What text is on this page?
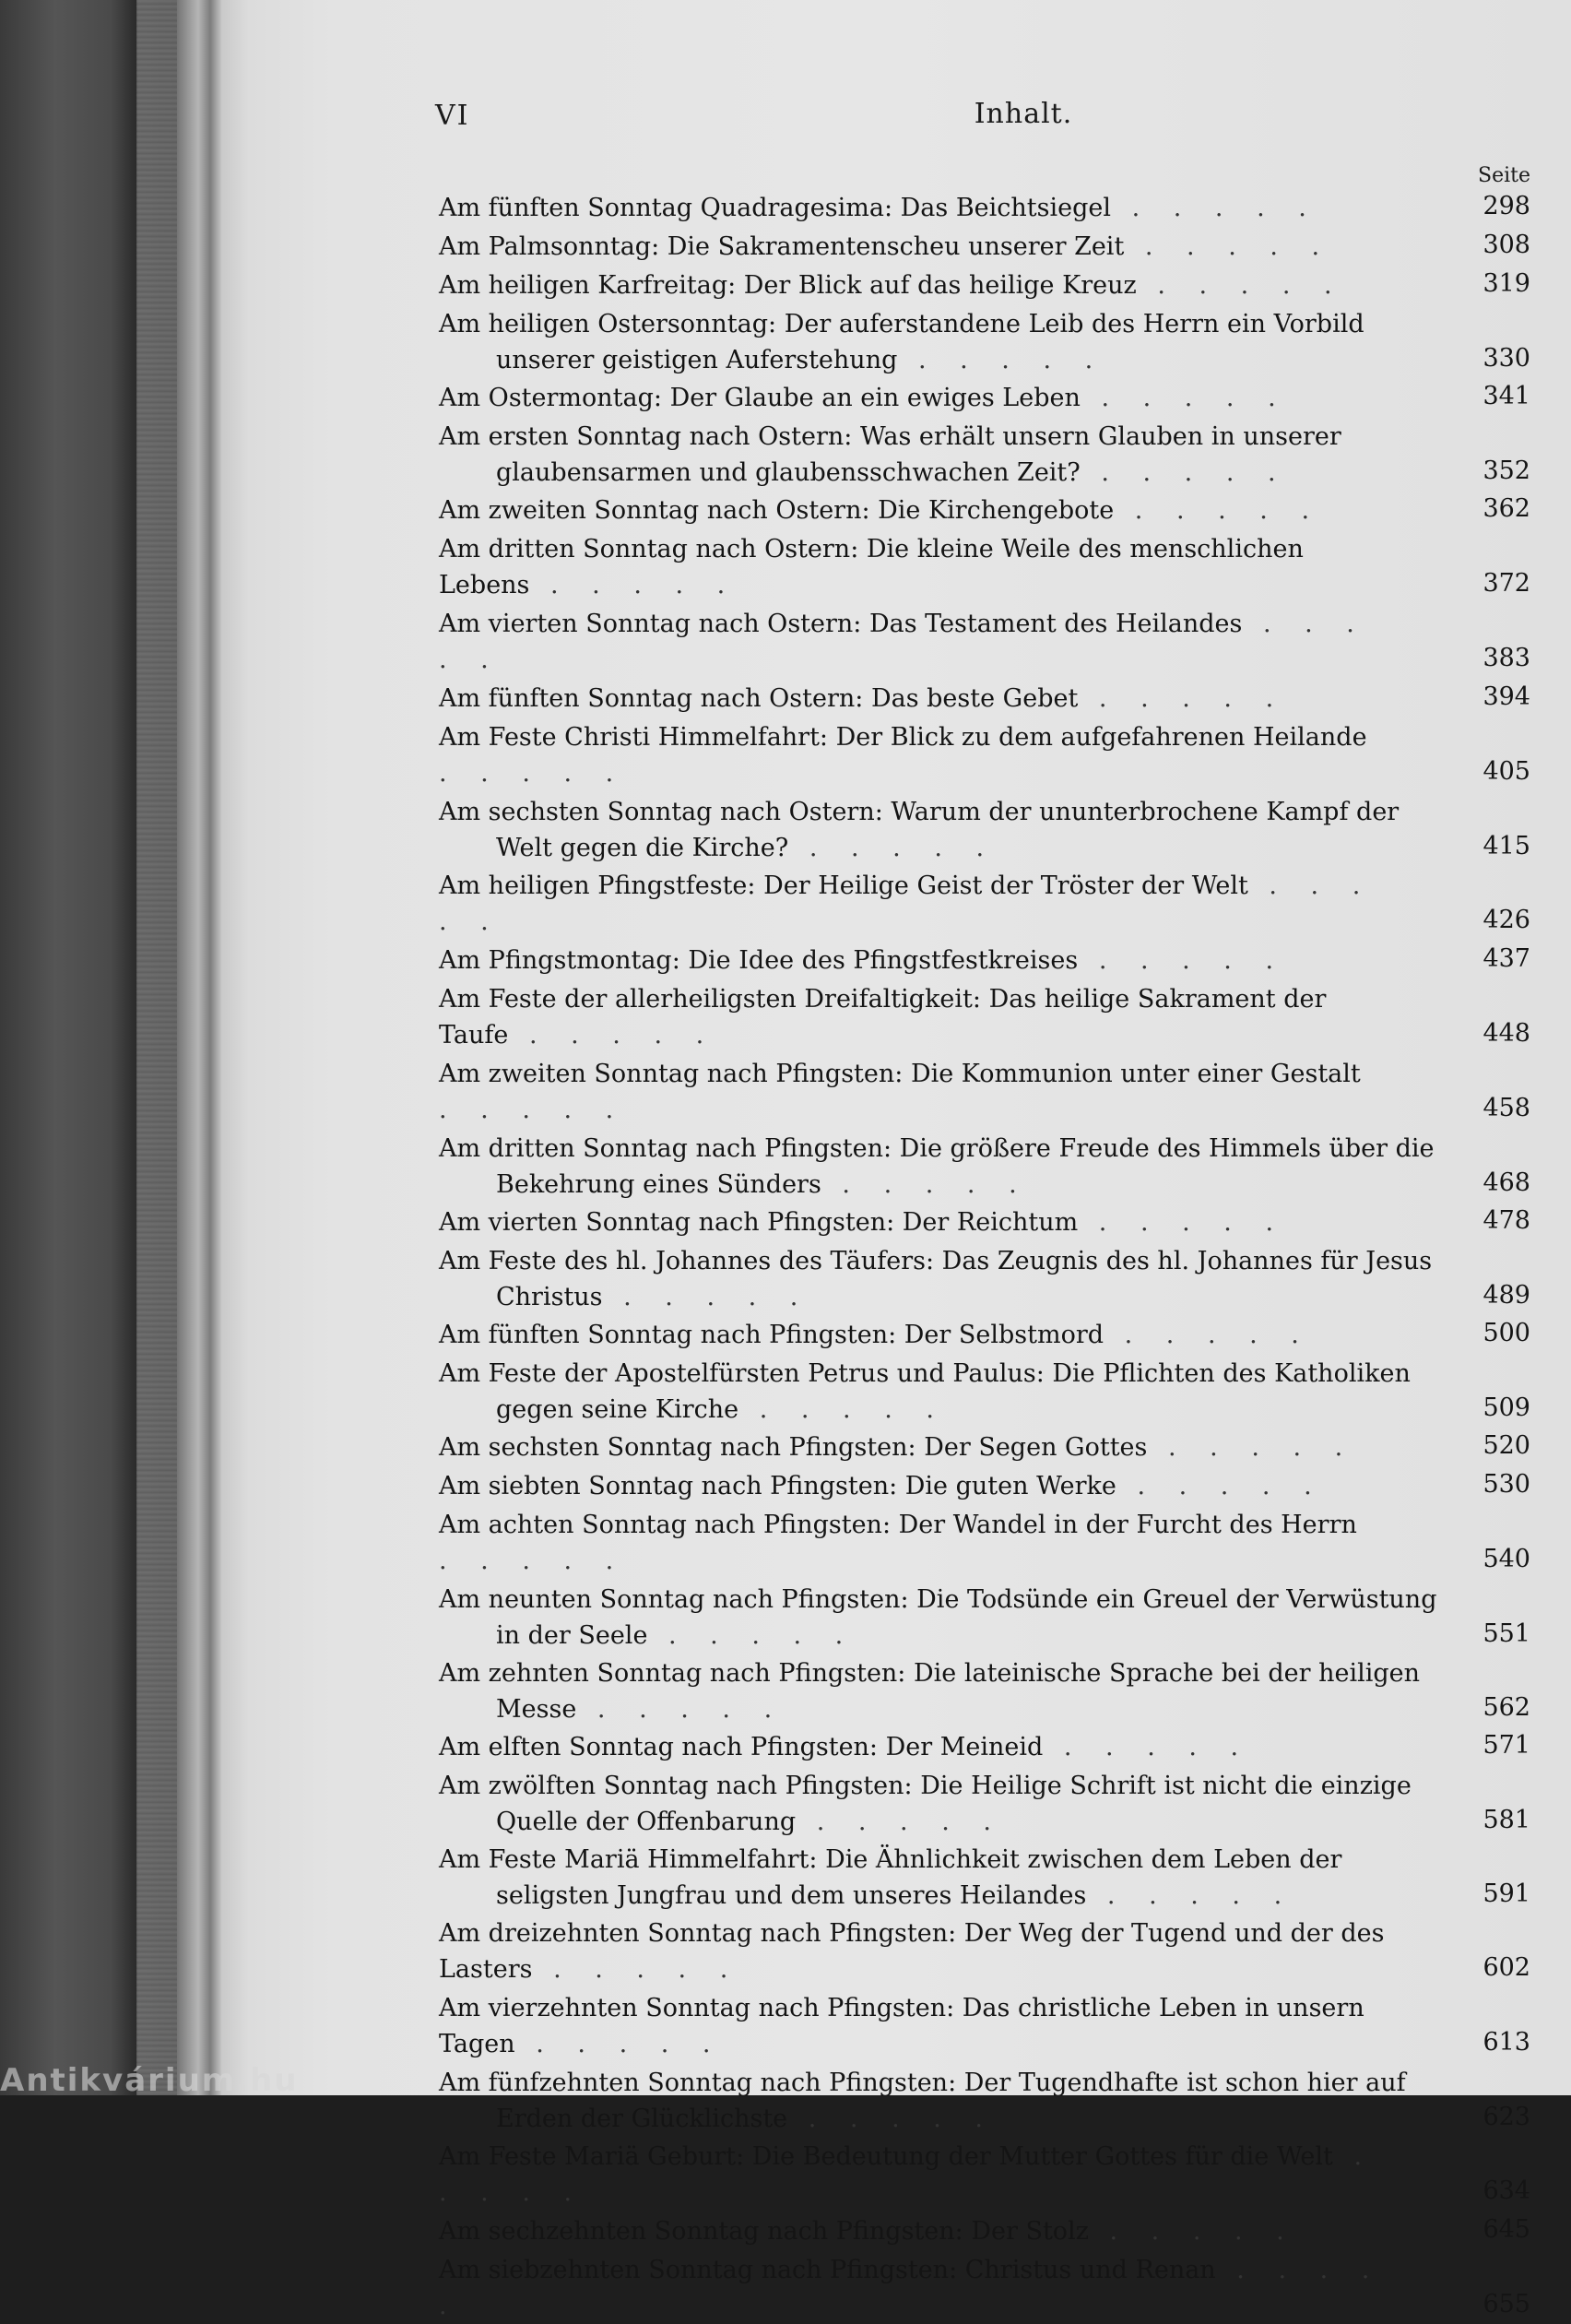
VI	Inhalt.
Seite
Am fünften Sonntag Quadragesima: Das Beichtsiegel . . . . .	298
Am Palmsonntag: Die Sakramentenscheu unserer Zeit . . . . .	308
Am heiligen Karfreitag: Der Blick auf das heilige Kreuz . . . . .	319
Am heiligen Ostersonntag: Der auferstandene Leib des Herrn ein Vorbild unserer geistigen Auferstehung . . . . .	330
Am Ostermontag: Der Glaube an ein ewiges Leben . . . . .	341
Am ersten Sonntag nach Ostern: Was erhält unsern Glauben in unserer glaubensarmen und glaubensschwachen Zeit? . . . . .	352
Am zweiten Sonntag nach Ostern: Die Kirchengebote . . . . .	362
Am dritten Sonntag nach Ostern: Die kleine Weile des menschlichen Lebens . . . . .	372
Am vierten Sonntag nach Ostern: Das Testament des Heilandes . . . . .	383
Am fünften Sonntag nach Ostern: Das beste Gebet . . . . .	394
Am Feste Christi Himmelfahrt: Der Blick zu dem aufgefahrenen Heilande . . . . .	405
Am sechsten Sonntag nach Ostern: Warum der ununterbrochene Kampf der Welt gegen die Kirche? . . . . .	415
Am heiligen Pfingstfeste: Der Heilige Geist der Tröster der Welt . . . . .	426
Am Pfingstmontag: Die Idee des Pfingstfestkreises . . . . .	437
Am Feste der allerheiligsten Dreifaltigkeit: Das heilige Sakrament der Taufe . . . . .	448
Am zweiten Sonntag nach Pfingsten: Die Kommunion unter einer Gestalt . . . . .	458
Am dritten Sonntag nach Pfingsten: Die größere Freude des Himmels über die Bekehrung eines Sünders . . . . .	468
Am vierten Sonntag nach Pfingsten: Der Reichtum . . . . .	478
Am Feste des hl. Johannes des Täufers: Das Zeugnis des hl. Johannes für Jesus Christus . . . . .	489
Am fünften Sonntag nach Pfingsten: Der Selbstmord . . . . .	500
Am Feste der Apostelfürsten Petrus und Paulus: Die Pflichten des Katholiken gegen seine Kirche . . . . .	509
Am sechsten Sonntag nach Pfingsten: Der Segen Gottes . . . . .	520
Am siebten Sonntag nach Pfingsten: Die guten Werke . . . . .	530
Am achten Sonntag nach Pfingsten: Der Wandel in der Furcht des Herrn . . . . .	540
Am neunten Sonntag nach Pfingsten: Die Todsünde ein Greuel der Verwüstung in der Seele . . . . .	551
Am zehnten Sonntag nach Pfingsten: Die lateinische Sprache bei der heiligen Messe . . . . .	562
Am elften Sonntag nach Pfingsten: Der Meineid . . . . .	571
Am zwölften Sonntag nach Pfingsten: Die Heilige Schrift ist nicht die einzige Quelle der Offenbarung . . . . .	581
Am Feste Mariä Himmelfahrt: Die Ähnlichkeit zwischen dem Leben der seligsten Jungfrau und dem unseres Heilandes . . . . .	591
Am dreizehnten Sonntag nach Pfingsten: Der Weg der Tugend und der des Lasters . . . . .	602
Am vierzehnten Sonntag nach Pfingsten: Das christliche Leben in unsern Tagen . . . . .	613
Am fünfzehnten Sonntag nach Pfingsten: Der Tugendhafte ist schon hier auf Erden der Glücklichste . . . . .	623
Am Feste Mariä Geburt: Die Bedeutung der Mutter Gottes für die Welt . . . . .	634
Am sechzehnten Sonntag nach Pfingsten: Der Stolz . . . . .	645
Am siebzehnten Sonntag nach Pfingsten: Christus und Renan . . . . .	655
Antikvárium.hu
